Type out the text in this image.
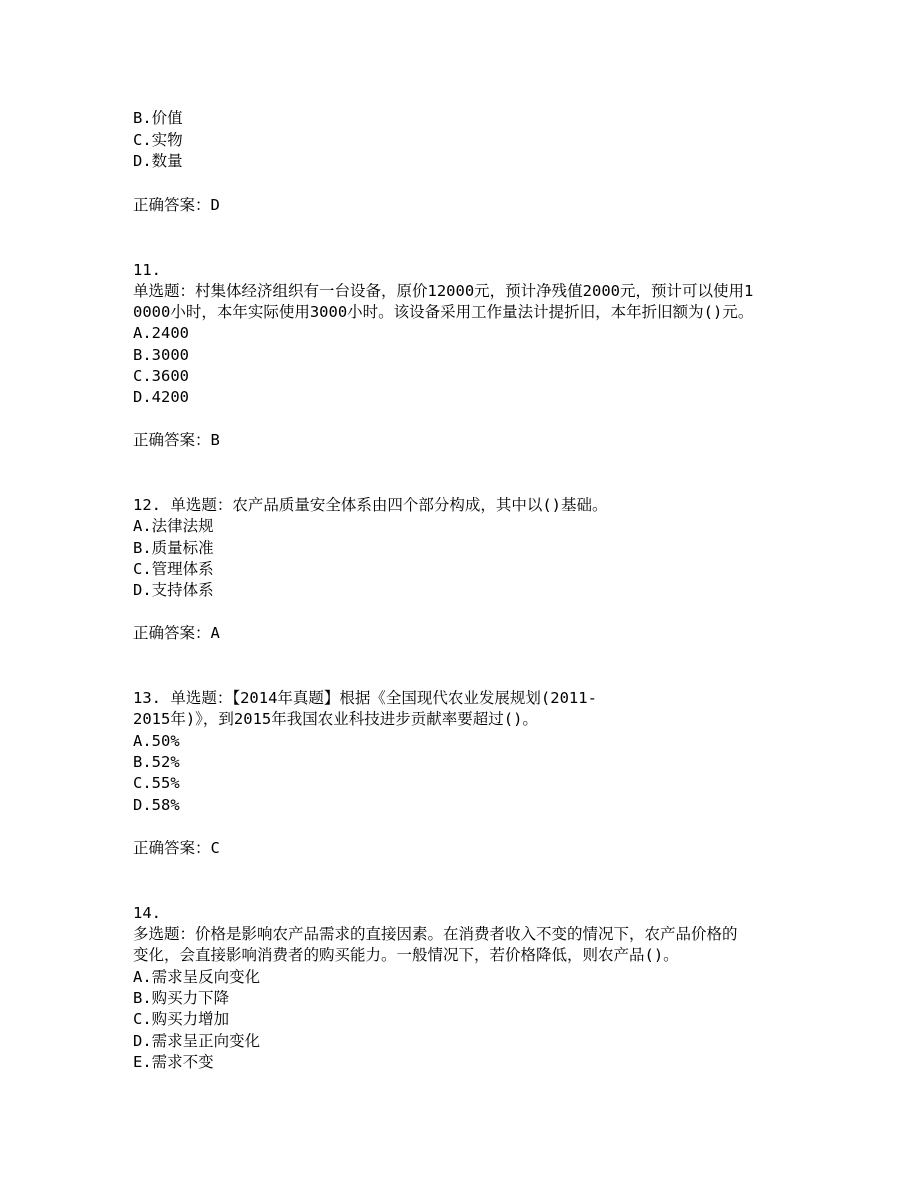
B.价值
C.实物
D.数量
正确答案：D
11.
单选题：村集体经济组织有一台设备，原价12000元，预计净残值2000元，预计可以使用1
0000小时，本年实际使用3000小时。该设备采用工作量法计提折旧，本年折旧额为()元。
A.2400
B.3000
C.3600
D.4200
正确答案：B
12. 单选题：农产品质量安全体系由四个部分构成，其中以()基础。
A.法律法规
B.质量标准
C.管理体系
D.支持体系
正确答案：A
13. 单选题：【2014年真题】根据《全国现代农业发展规划(2011-
2015年)》，到2015年我国农业科技进步贡献率要超过()。
A.50%
B.52%
C.55%
D.58%
正确答案：C
14.
多选题：价格是影响农产品需求的直接因素。在消费者收入不变的情况下，农产品价格的
变化，会直接影响消费者的购买能力。一般情况下，若价格降低，则农产品()。
A.需求呈反向变化
B.购买力下降
C.购买力增加
D.需求呈正向变化
E.需求不变
